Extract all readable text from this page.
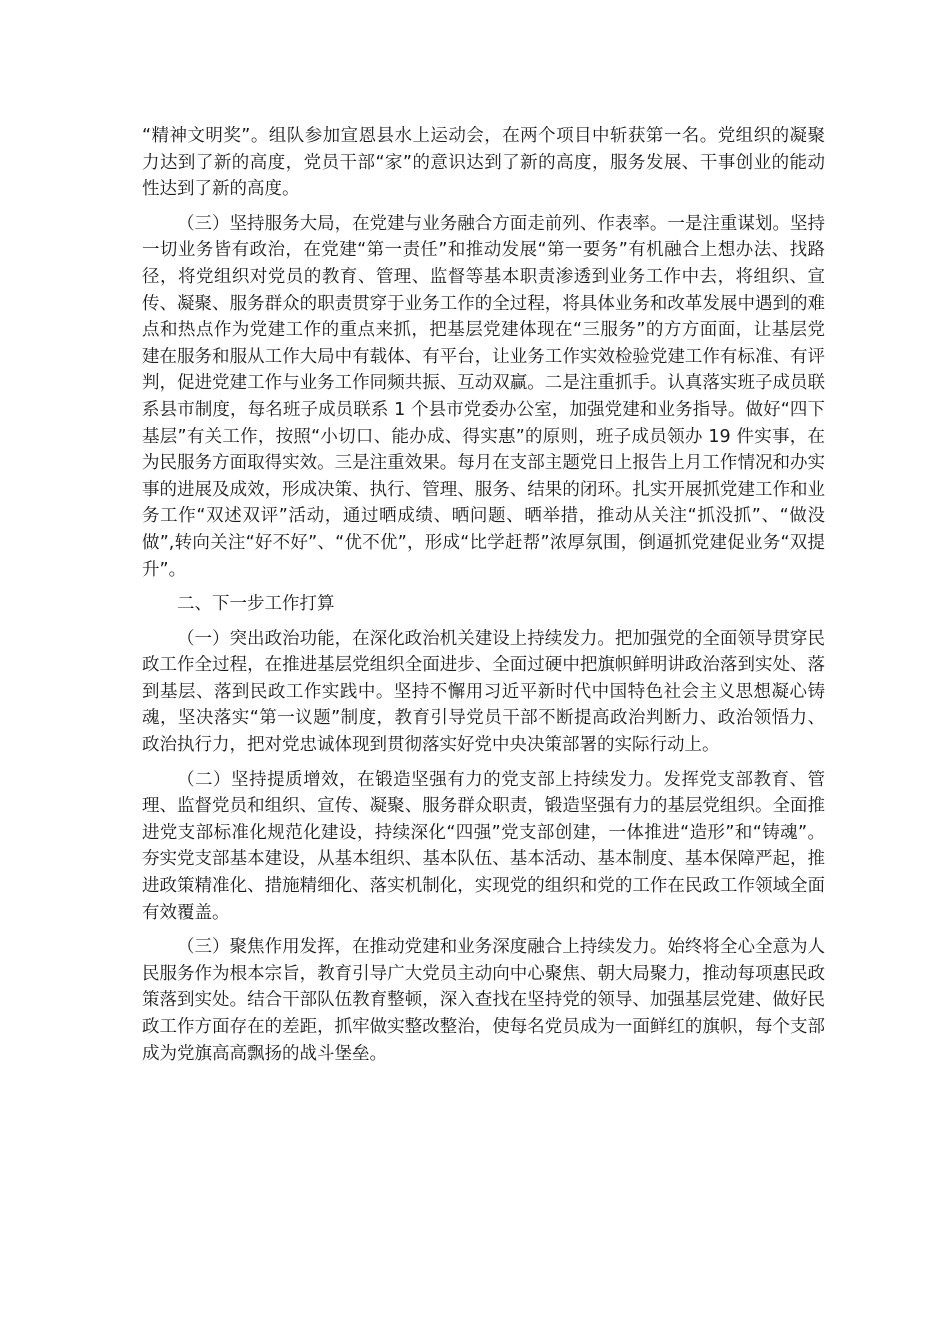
“精神文明奖”。组队参加宣恩县水上运动会，在两个项目中斩获第一名。党组织的凝聚力达到了新的高度，党员干部“家”的意识达到了新的高度，服务发展、干事创业的能动性达到了新的高度。

（三）坚持服务大局，在党建与业务融合方面走前列、作表率。一是注重谋划。坚持一切业务皆有政治，在党建“第一责任”和推动发展“第一要务”有机融合上想办法、找路径，将党组织对党员的教育、管理、监督等基本职责渗透到业务工作中去，将组织、宣传、凝聚、服务群众的职责贯穿于业务工作的全过程，将具体业务和改革发展中遇到的难点和热点作为党建工作的重点来抓，把基层党建体现在“三服务”的方方面面，让基层党建在服务和服从工作大局中有载体、有平台，让业务工作实效检验党建工作有标准、有评判，促进党建工作与业务工作同频共振、互动双赢。二是注重抓手。认真落实班子成员联系县市制度，每名班子成员联系 1 个县市党委办公室，加强党建和业务指导。做好“四下基层”有关工作，按照“小切口、能办成、得实惠”的原则，班子成员领办 19 件实事，在为民服务方面取得实效。三是注重效果。每月在支部主题党日上报告上月工作情况和办实事的进展及成效，形成决策、执行、管理、服务、结果的闭环。扎实开展抓党建工作和业务工作“双述双评”活动，通过晒成绩、晒问题、晒举措，推动从关注“抓没抓”、“做没做”,转向关注“好不好”、“优不优”，形成“比学赶帮”浓厚氛围，倒逼抓党建促业务“双提升”。

二、下一步工作打算

（一）突出政治功能，在深化政治机关建设上持续发力。把加强党的全面领导贯穿民政工作全过程，在推进基层党组织全面进步、全面过硬中把旗帜鲜明讲政治落到实处、落到基层、落到民政工作实践中。坚持不懈用习近平新时代中国特色社会主义思想凝心铸魂，坚决落实“第一议题”制度，教育引导党员干部不断提高政治判断力、政治领悟力、政治执行力，把对党忠诚体现到贯彻落实好党中央决策部署的实际行动上。

（二）坚持提质增效，在锻造坚强有力的党支部上持续发力。发挥党支部教育、管理、监督党员和组织、宣传、凝聚、服务群众职责，锻造坚强有力的基层党组织。全面推进党支部标准化规范化建设，持续深化“四强”党支部创建，一体推进“造形”和“铸魂”。夯实党支部基本建设，从基本组织、基本队伍、基本活动、基本制度、基本保障严起，推进政策精准化、措施精细化、落实机制化，实现党的组织和党的工作在民政工作领域全面有效覆盖。

（三）聚焦作用发挥，在推动党建和业务深度融合上持续发力。始终将全心全意为人民服务作为根本宗旨，教育引导广大党员主动向中心聚焦、朝大局聚力，推动每项惠民政策落到实处。结合干部队伍教育整顿，深入查找在坚持党的领导、加强基层党建、做好民政工作方面存在的差距，抓牢做实整改整治，使每名党员成为一面鲜红的旗帜，每个支部成为党旗高高飘扬的战斗堡垒。
